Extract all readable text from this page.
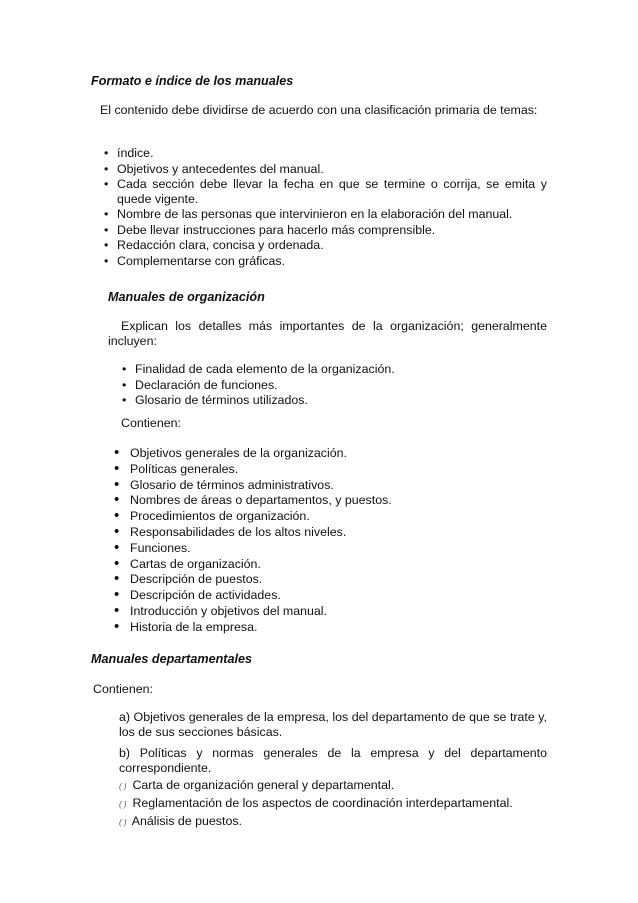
Formato e índice de los manuales

El contenido debe dividirse de acuerdo con una clasificación primaria de temas:

• índice.
• Objetivos y antecedentes del manual.
• Cada sección debe llevar la fecha en que se termine o corrija, se emita y quede vigente.
• Nombre de las personas que intervinieron en la elaboración del manual.
• Debe llevar instrucciones para hacerlo más comprensible.
• Redacción clara, concisa y ordenada.
• Complementarse con gráficas.
Manuales de organización

Explican los detalles más importantes de la organización; generalmente incluyen:

• Finalidad de cada elemento de la organización.
• Declaración de funciones.
• Glosario de términos utilizados.

Contienen:

• Objetivos generales de la organización.
• Políticas generales.
• Glosario de términos administrativos.
• Nombres de áreas o departamentos, y puestos.
• Procedimientos de organización.
• Responsabilidades de los altos niveles.
• Funciones.
• Cartas de organización.
• Descripción de puestos.
• Descripción de actividades.
• Introducción y objetivos del manual.
• Historia de la empresa.
Manuales departamentales

Contienen:

a) Objetivos generales de la empresa, los del departamento de que se trate y, los de sus secciones básicas.

b) Políticas y normas generales de la empresa y del departamento correspondiente.

( ) Carta de organización general y departamental.
( ) Reglamentación de los aspectos de coordinación interdepartamental.
( ) Análisis de puestos.
